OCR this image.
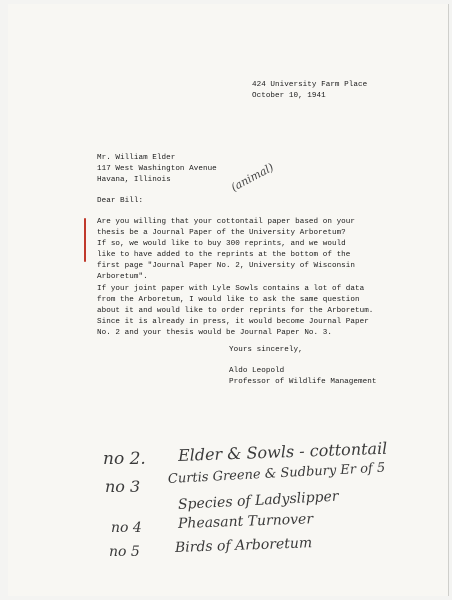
424 University Farm Place
October 10, 1941
Mr. William Elder
117 West Washington Avenue
Havana, Illinois
Dear Bill:
(animal)
Are you willing that your cottontail paper based on your
thesis be a Journal Paper of the University Arboretum?
If so, we would like to buy 300 reprints, and we would
like to have added to the reprints at the bottom of the
first page "Journal Paper No. 2, University of Wisconsin
Arboretum".
If your joint paper with Lyle Sowls contains a lot of data
from the Arboretum, I would like to ask the same question
about it and would like to order reprints for the Arboretum.
Since it is already in press, it would become Journal Paper
No. 2 and your thesis would be Journal Paper No. 3.
Yours sincerely,
Aldo Leopold
Professor of Wildlife Management
no 2. Elder & Sowls - cottontail
no 3 Curtis Greene & Sudbury Er of 5
Species of Ladyslipper
no 4	Pheasant Turnover
no 5 Birds of Arboretum
